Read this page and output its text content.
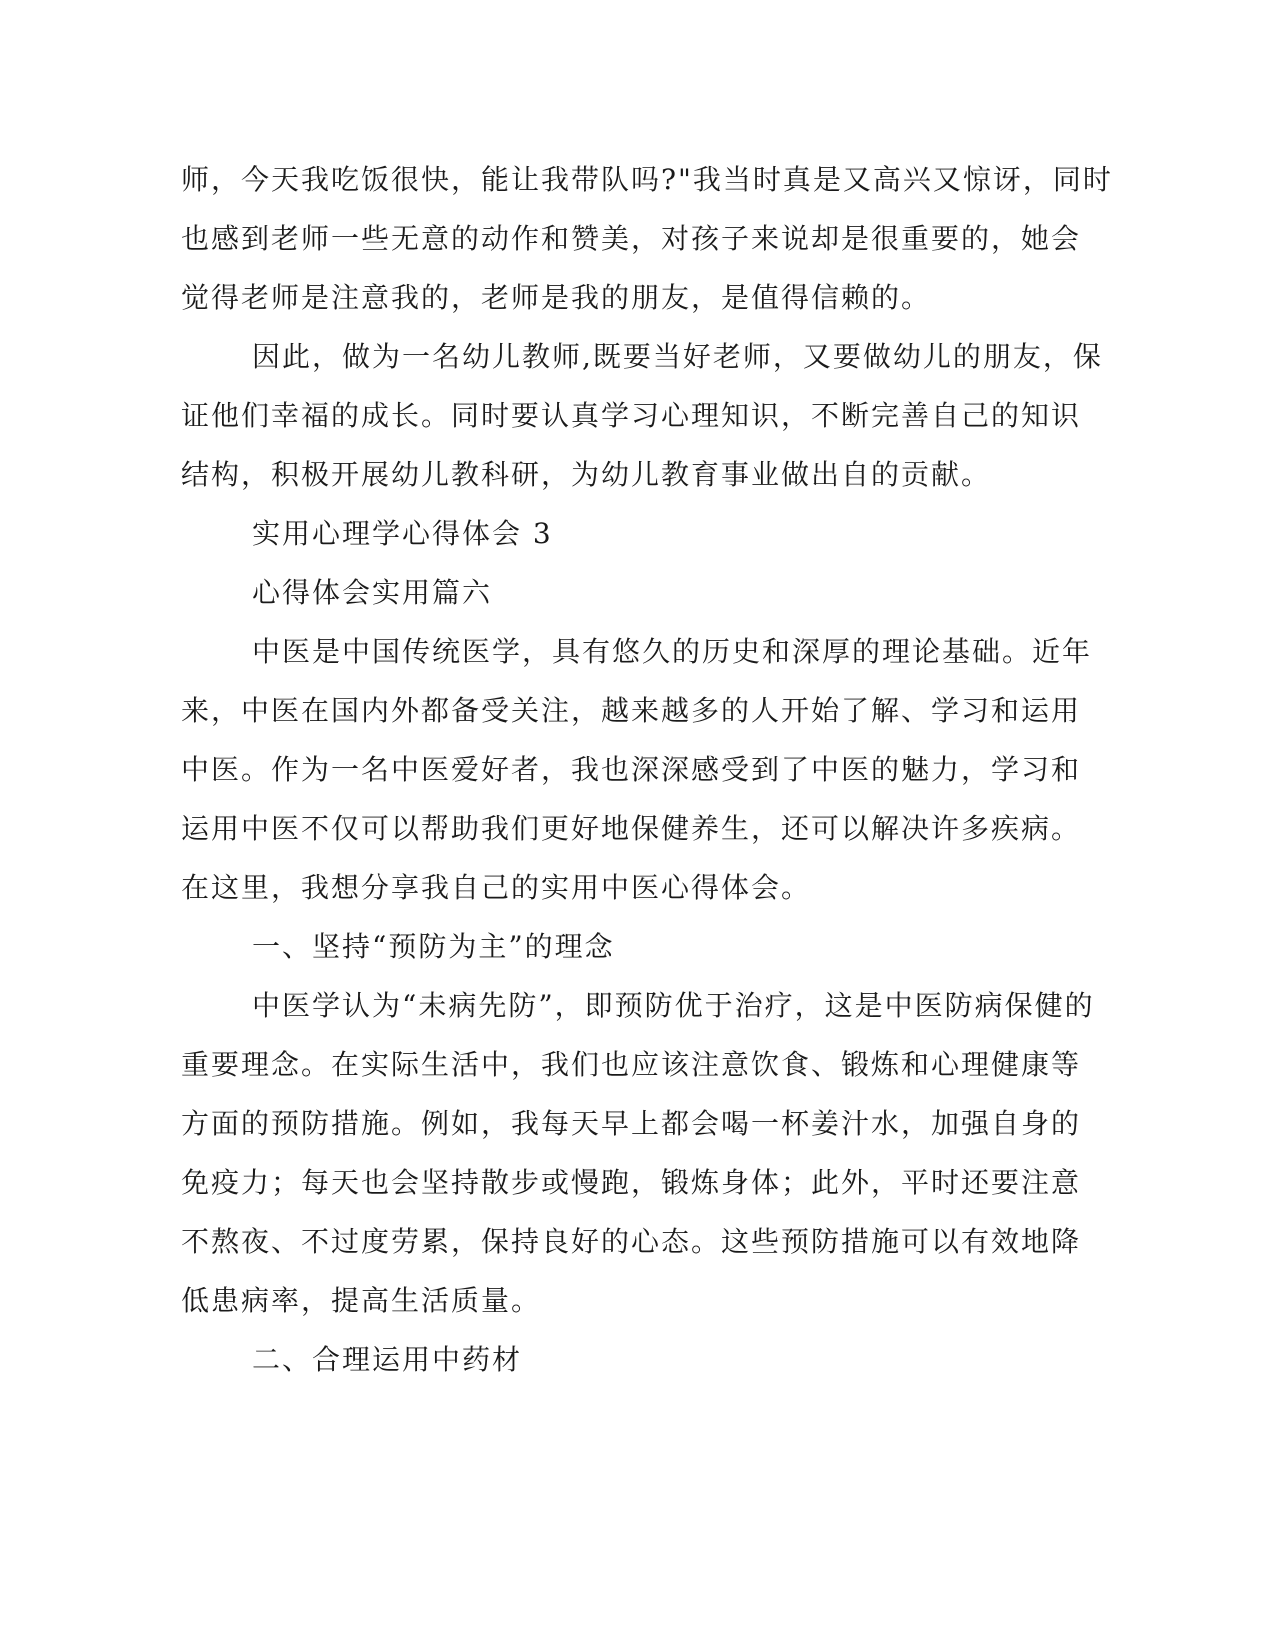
师，今天我吃饭很快，能让我带队吗?"我当时真是又高兴又惊讶，同时
也感到老师一些无意的动作和赞美，对孩子来说却是很重要的，她会
觉得老师是注意我的，老师是我的朋友，是值得信赖的。
因此，做为一名幼儿教师,既要当好老师，又要做幼儿的朋友，保
证他们幸福的成长。同时要认真学习心理知识，不断完善自己的知识
结构，积极开展幼儿教科研，为幼儿教育事业做出自的贡献。
实用心理学心得体会 3
心得体会实用篇六
中医是中国传统医学，具有悠久的历史和深厚的理论基础。近年
来，中医在国内外都备受关注，越来越多的人开始了解、学习和运用
中医。作为一名中医爱好者，我也深深感受到了中医的魅力，学习和
运用中医不仅可以帮助我们更好地保健养生，还可以解决许多疾病。
在这里，我想分享我自己的实用中医心得体会。
一、坚持“预防为主”的理念
中医学认为“未病先防”，即预防优于治疗，这是中医防病保健的
重要理念。在实际生活中，我们也应该注意饮食、锻炼和心理健康等
方面的预防措施。例如，我每天早上都会喝一杯姜汁水，加强自身的
免疫力；每天也会坚持散步或慢跑，锻炼身体；此外，平时还要注意
不熬夜、不过度劳累，保持良好的心态。这些预防措施可以有效地降
低患病率，提高生活质量。
二、合理运用中药材
